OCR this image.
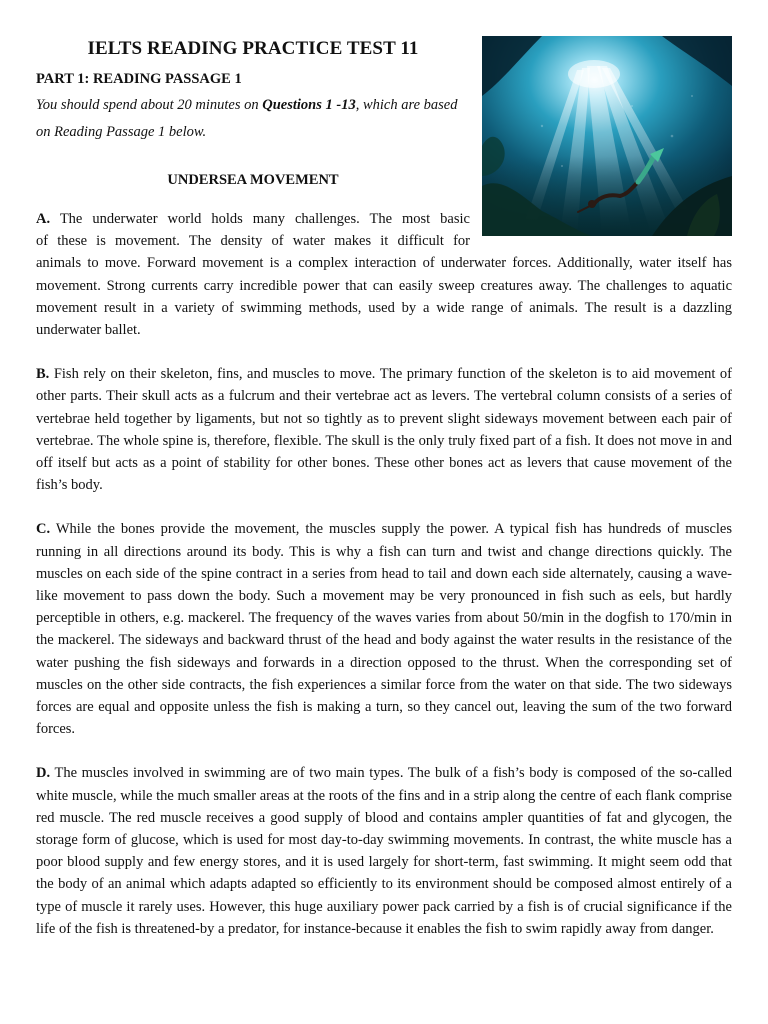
IELTS READING PRACTICE TEST 11
PART 1: READING PASSAGE 1

You should spend about 20 minutes on Questions 1 -13, which are based on Reading Passage 1 below.

UNDERSEA MOVEMENT

A. The underwater world holds many challenges. The most basic
of these is movement. The density of water makes it difficult for
animals to move. Forward movement is a complex interaction of underwater forces. Additionally, water itself has movement. Strong currents carry incredible power that can easily sweep creatures away. The challenges to aquatic movement result in a variety of swimming methods, used by a wide range of animals. The result is a dazzling underwater ballet.

B. Fish rely on their skeleton, fins, and muscles to move. The primary function of the skeleton is to aid movement of other parts. Their skull acts as a fulcrum and their vertebrae act as levers. The vertebral column consists of a series of vertebrae held together by ligaments, but not so tightly as to prevent slight sideways movement between each pair of vertebrae. The whole spine is, therefore, flexible. The skull is the only truly fixed part of a fish. It does not move in and off itself but acts as a point of stability for other bones. These other bones act as levers that cause movement of the fish’s body.

C. While the bones provide the movement, the muscles supply the power. A typical fish has hundreds of muscles running in all directions around its body. This is why a fish can turn and twist and change directions quickly. The muscles on each side of the spine contract in a series from head to tail and down each side alternately, causing a wave-like movement to pass down the body. Such a movement may be very pronounced in fish such as eels, but hardly perceptible in others, e.g. mackerel. The frequency of the waves varies from about 50/min in the dogfish to 170/min in the mackerel. The sideways and backward thrust of the head and body against the water results in the resistance of the water pushing the fish sideways and forwards in a direction opposed to the thrust. When the corresponding set of muscles on the other side contracts, the fish experiences a similar force from the water on that side. The two sideways forces are equal and opposite unless the fish is making a turn, so they cancel out, leaving the sum of the two forward forces.

D. The muscles involved in swimming are of two main types. The bulk of a fish’s body is composed of the so-called white muscle, while the much smaller areas at the roots of the fins and in a strip along the centre of each flank comprise red muscle. The red muscle receives a good supply of blood and contains ampler quantities of fat and glycogen, the storage form of glucose, which is used for most day-to-day swimming movements. In contrast, the white muscle has a poor blood supply and few energy stores, and it is used largely for short-term, fast swimming. It might seem odd that the body of an animal which adapts adapted so efficiently to its environment should be composed almost entirely of a type of muscle it rarely uses. However, this huge auxiliary power pack carried by a fish is of crucial significance if the life of the fish is threatened-by a predator, for instance-because it enables the fish to swim rapidly away from danger.
